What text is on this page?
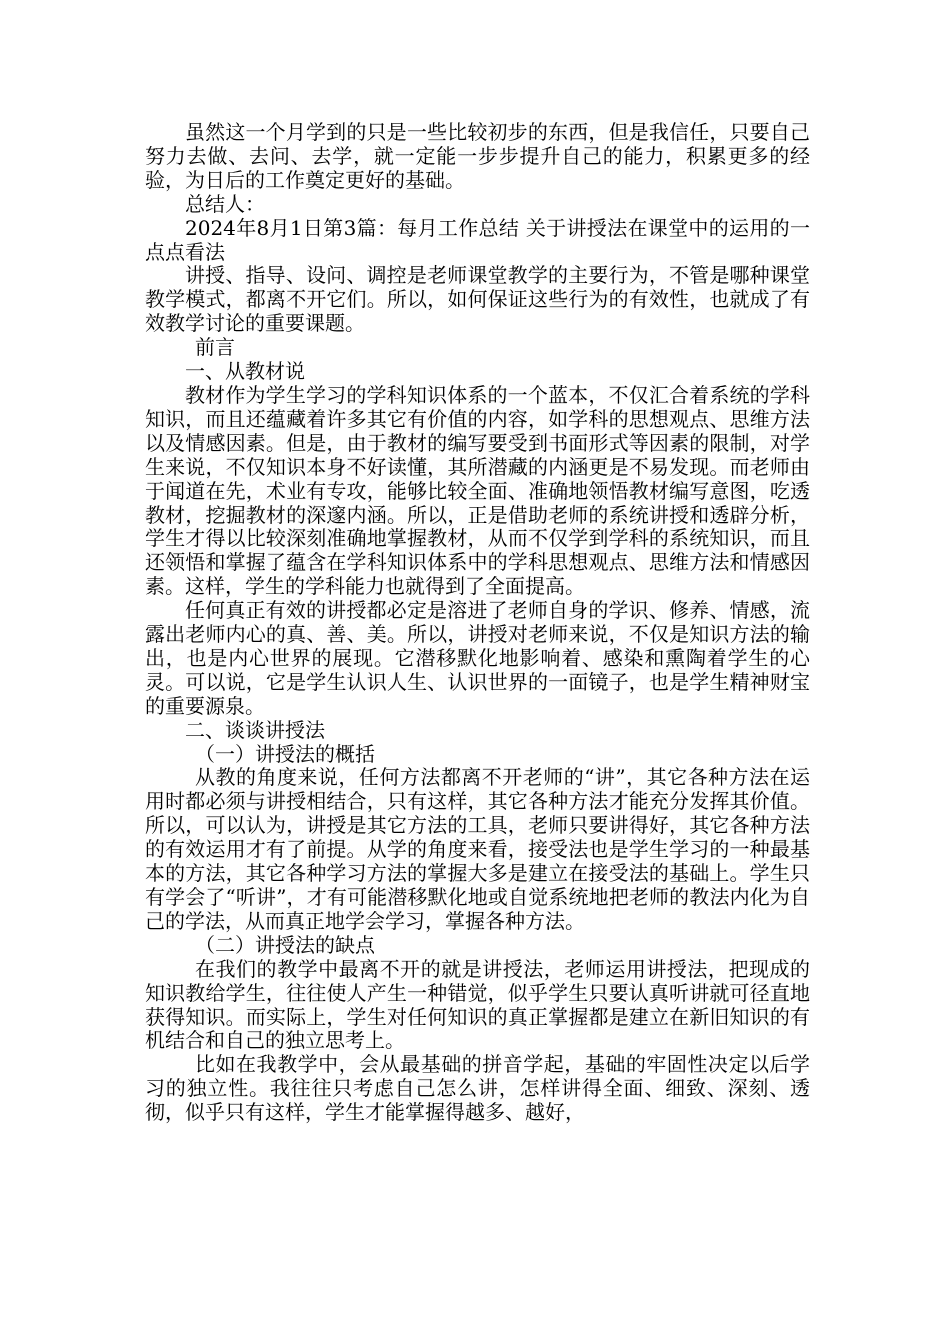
虽然这一个月学到的只是一些比较初步的东西，但是我信任，只要自己努力去做、去问、去学，就一定能一步步提升自己的能力，积累更多的经验，为日后的工作奠定更好的基础。

总结人：

2024年8月1日第3篇：每月工作总结 关于讲授法在课堂中的运用的一点点看法

讲授、指导、设问、调控是老师课堂教学的主要行为，不管是哪种课堂教学模式，都离不开它们。所以，如何保证这些行为的有效性，也就成了有效教学讨论的重要课题。

前言

一、从教材说

教材作为学生学习的学科知识体系的一个蓝本，不仅汇合着系统的学科知识，而且还蕴藏着许多其它有价值的内容，如学科的思想观点、思维方法以及情感因素。但是，由于教材的编写要受到书面形式等因素的限制，对学生来说，不仅知识本身不好读懂，其所潜藏的内涵更是不易发现。而老师由于闻道在先，术业有专攻，能够比较全面、准确地领悟教材编写意图，吃透教材，挖掘教材的深邃内涵。所以，正是借助老师的系统讲授和透辟分析，学生才得以比较深刻准确地掌握教材，从而不仅学到学科的系统知识，而且还领悟和掌握了蕴含在学科知识体系中的学科思想观点、思维方法和情感因素。这样，学生的学科能力也就得到了全面提高。

任何真正有效的讲授都必定是溶进了老师自身的学识、修养、情感，流露出老师内心的真、善、美。所以，讲授对老师来说，不仅是知识方法的输出，也是内心世界的展现。它潜移默化地影响着、感染和熏陶着学生的心灵。可以说，它是学生认识人生、认识世界的一面镜子，也是学生精神财宝的重要源泉。

二、谈谈讲授法

（一）讲授法的概括

从教的角度来说，任何方法都离不开老师的“讲”，其它各种方法在运用时都必须与讲授相结合，只有这样，其它各种方法才能充分发挥其价值。所以，可以认为，讲授是其它方法的工具，老师只要讲得好，其它各种方法的有效运用才有了前提。从学的角度来看，接受法也是学生学习的一种最基本的方法，其它各种学习方法的掌握大多是建立在接受法的基础上。学生只有学会了“听讲”，才有可能潜移默化地或自觉系统地把老师的教法内化为自己的学法，从而真正地学会学习，掌握各种方法。

（二）讲授法的缺点

在我们的教学中最离不开的就是讲授法，老师运用讲授法，把现成的知识教给学生，往往使人产生一种错觉，似乎学生只要认真听讲就可径直地获得知识。而实际上，学生对任何知识的真正掌握都是建立在新旧知识的有机结合和自己的独立思考上。

比如在我教学中，会从最基础的拼音学起，基础的牢固性决定以后学习的独立性。我往往只考虑自己怎么讲，怎样讲得全面、细致、深刻、透彻，似乎只有这样，学生才能掌握得越多、越好，
